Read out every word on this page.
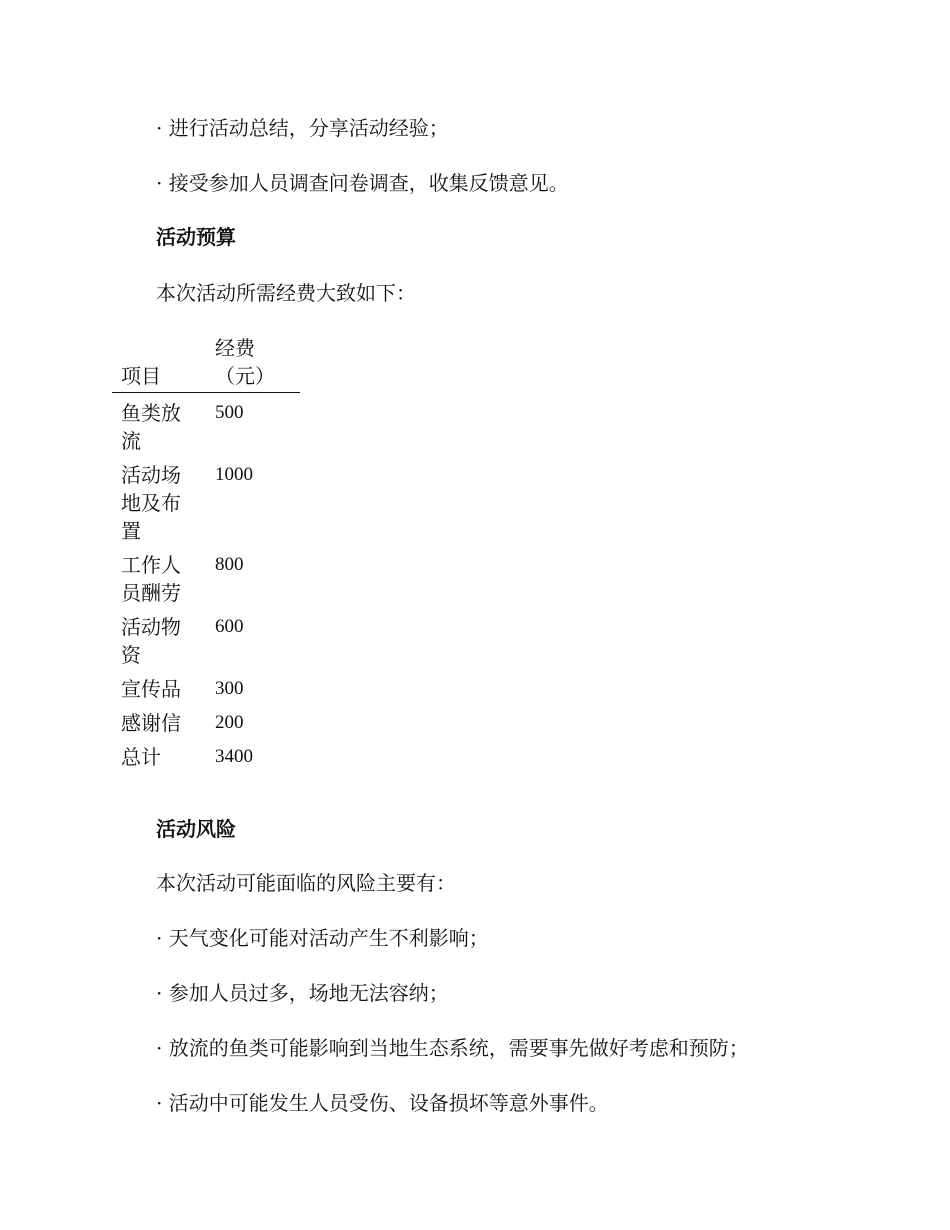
· 进行活动总结，分享活动经验；

· 接受参加人员调查问卷调查，收集反馈意见。

活动预算

本次活动所需经费大致如下：

项目	经费（元）
鱼类放流	500
活动场地及布置	1000
工作人员酬劳	800
活动物资	600
宣传品	300
感谢信	200
总计	3400
活动风险

本次活动可能面临的风险主要有：

· 天气变化可能对活动产生不利影响；

· 参加人员过多，场地无法容纳；

· 放流的鱼类可能影响到当地生态系统，需要事先做好考虑和预防；

· 活动中可能发生人员受伤、设备损坏等意外事件。
